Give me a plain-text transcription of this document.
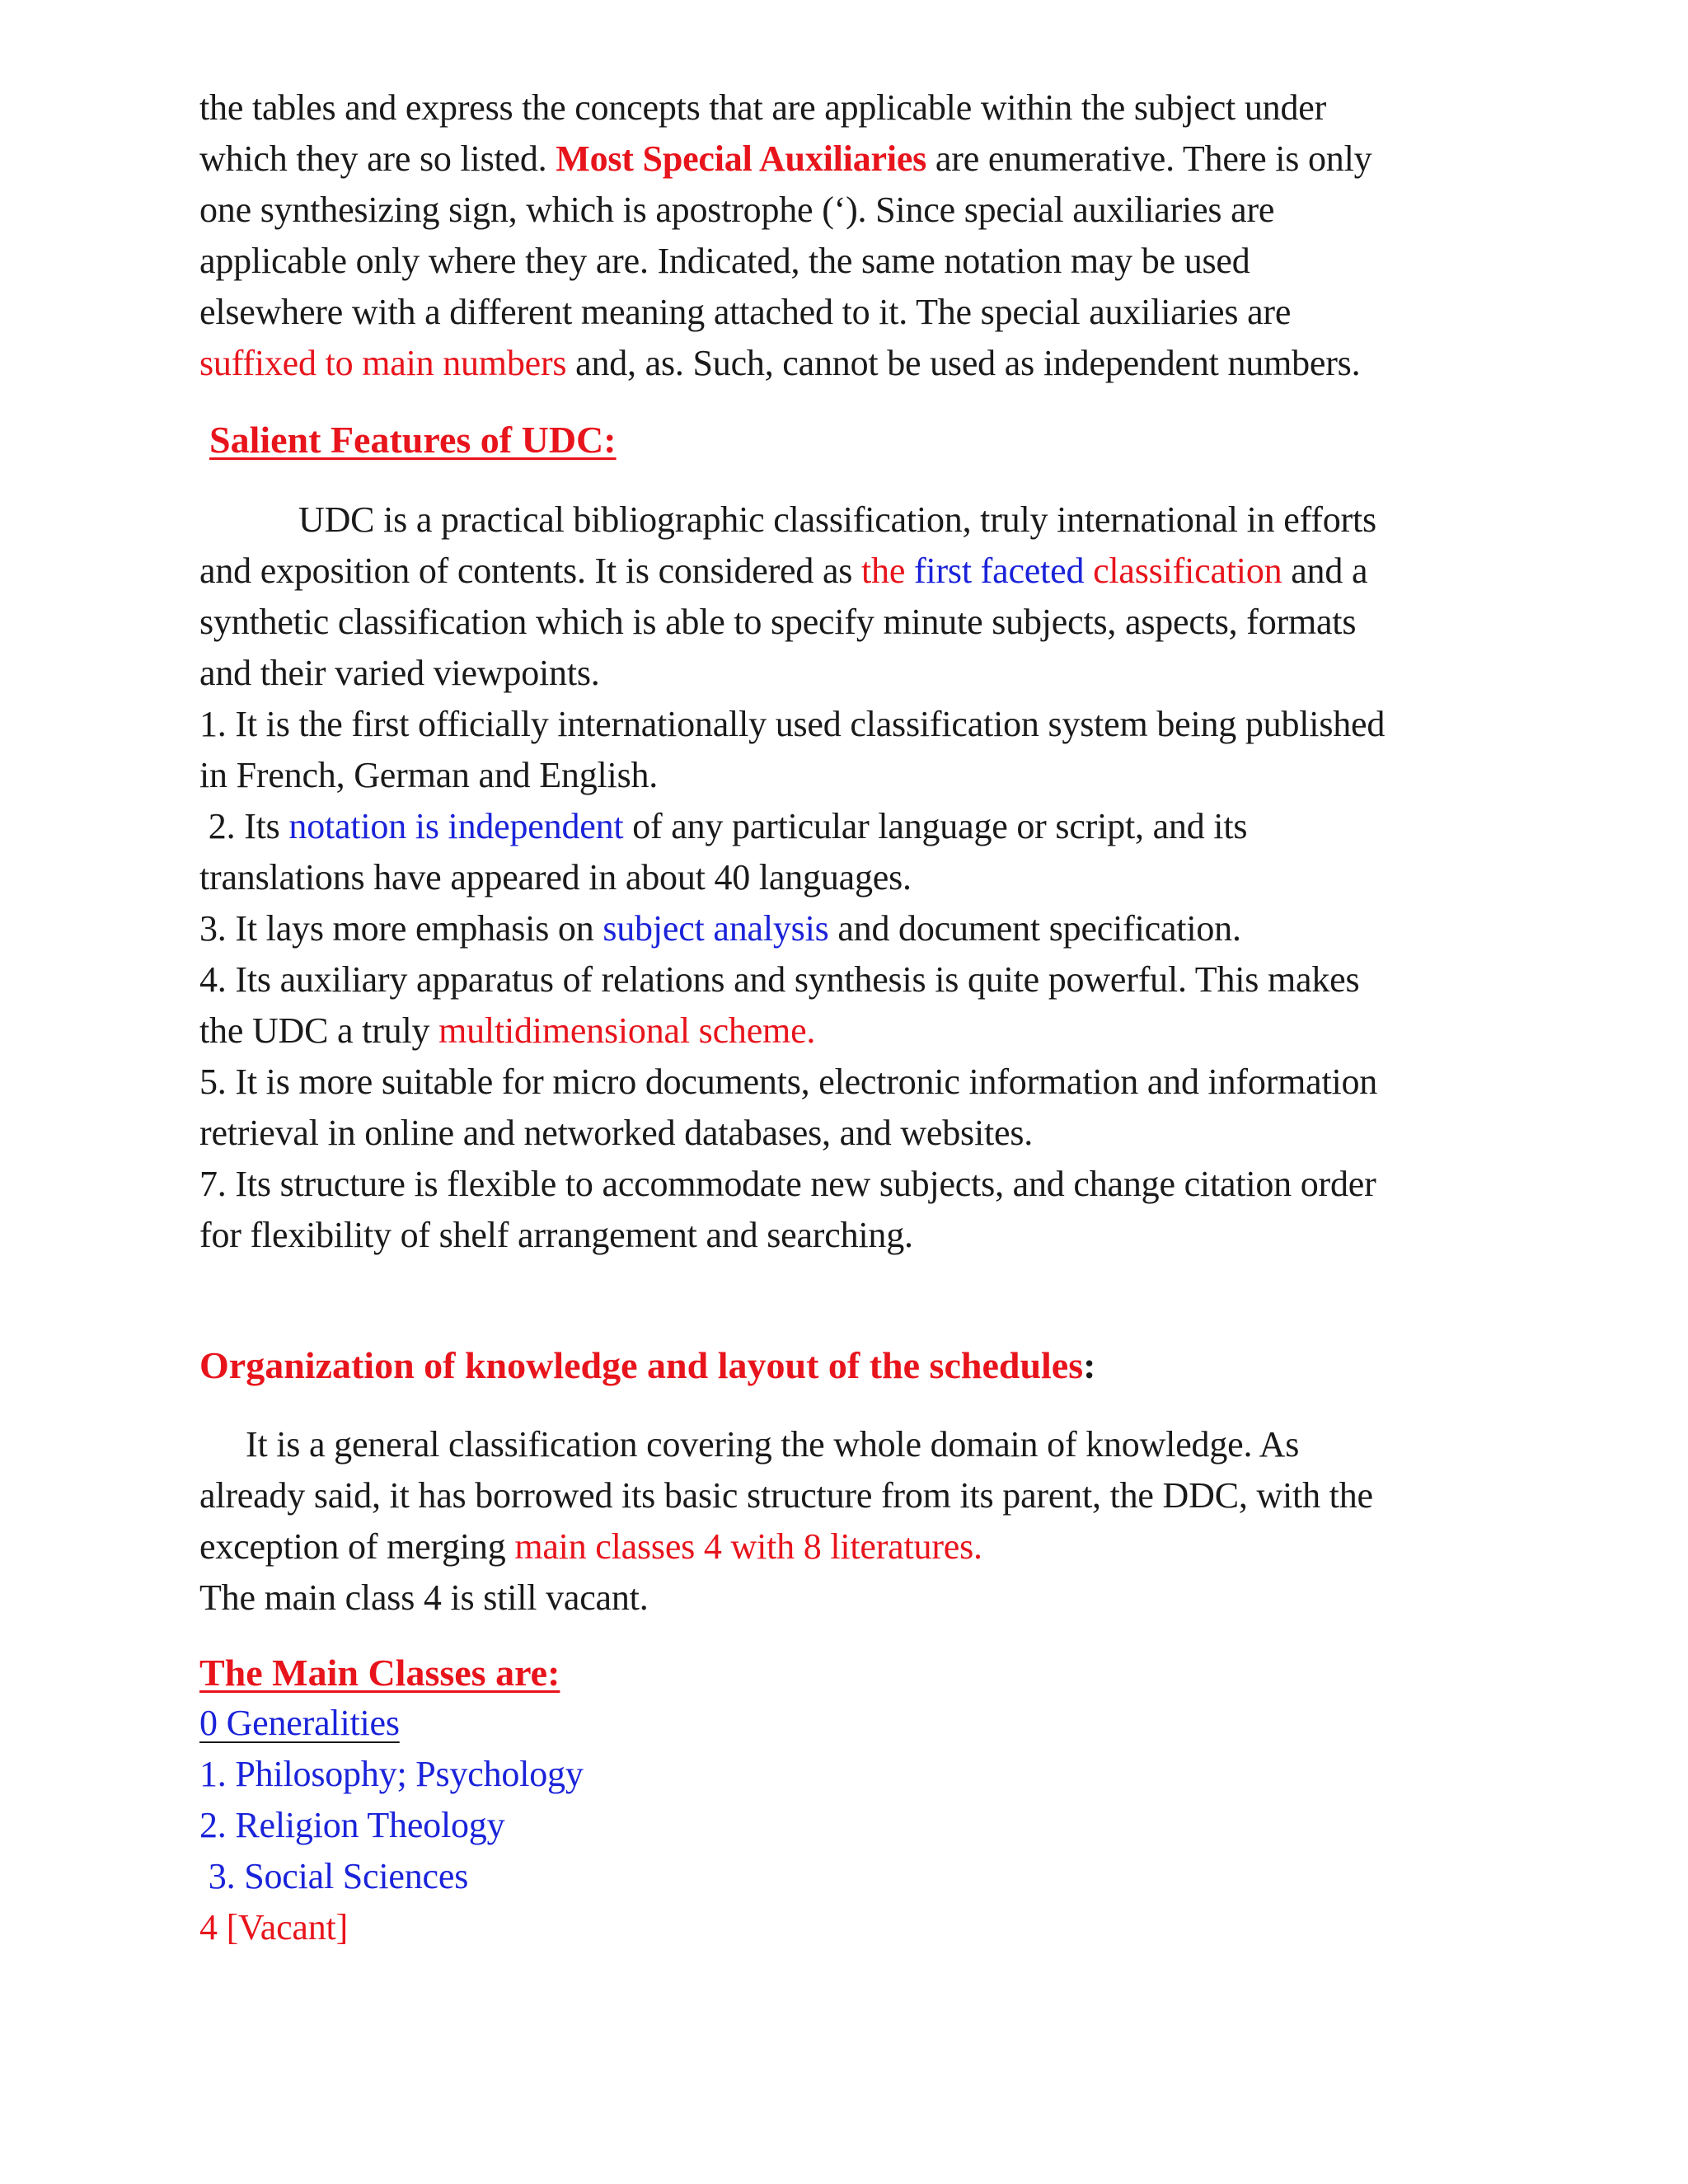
the tables and express the concepts that are applicable within the subject under
which they are so listed. Most Special Auxiliaries are enumerative. There is only
one synthesizing sign, which is apostrophe (‘). Since special auxiliaries are
applicable only where they are. Indicated, the same notation may be used
elsewhere with a different meaning attached to it. The special auxiliaries are
suffixed to main numbers and, as. Such, cannot be used as independent numbers.
Salient Features of UDC:
UDC is a practical bibliographic classification, truly international in efforts
and exposition of contents. It is considered as the first faceted classification and a
synthetic classification which is able to specify minute subjects, aspects, formats
and their varied viewpoints.
1. It is the first officially internationally used classification system being published
in French, German and English.
2. Its notation is independent of any particular language or script, and its
translations have appeared in about 40 languages.
3. It lays more emphasis on subject analysis and document specification.
4. Its auxiliary apparatus of relations and synthesis is quite powerful. This makes
the UDC a truly multidimensional scheme.
5. It is more suitable for micro documents, electronic information and information
retrieval in online and networked databases, and websites.
7. Its structure is flexible to accommodate new subjects, and change citation order
for flexibility of shelf arrangement and searching.
Organization of knowledge and layout of the schedules:
It is a general classification covering the whole domain of knowledge. As
already said, it has borrowed its basic structure from its parent, the DDC, with the
exception of merging main classes 4 with 8 literatures.
The main class 4 is still vacant.
The Main Classes are:
0 Generalities
1. Philosophy; Psychology
2. Religion Theology
3. Social Sciences
4 [Vacant]
